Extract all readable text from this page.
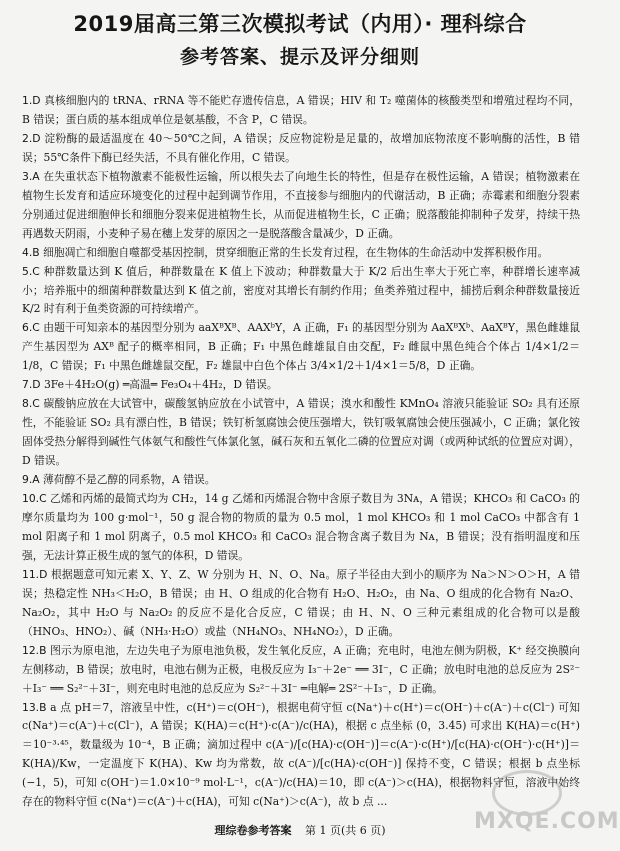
2019届高三第三次模拟考试（内用）· 理科综合
参考答案、提示及评分细则

1.D 真核细胞内的 tRNA、rRNA 等不能贮存遗传信息，A 错误；HIV 和 T₂ 噬菌体的核酸类型和增殖过程均不同，B 错误；蛋白质的基本组成单位是氨基酸，不含 P，C 错误。

2.D 淀粉酶的最适温度在 40～50℃之间，A 错误；反应物淀粉是足量的，故增加底物浓度不影响酶的活性，B 错误；55℃条件下酶已经失活，不具有催化作用，C 错误。

3.A 在失重状态下植物激素不能极性运输，所以根失去了向地生长的特性，但是存在极性运输，A 错误；植物激素在植物生长发育和适应环境变化的过程中起到调节作用，不直接参与细胞内的代谢活动，B 正确；赤霉素和细胞分裂素分别通过促进细胞伸长和细胞分裂来促进植物生长，从而促进植物生长，C 正确；脱落酸能抑制种子发芽，持续干热再遇数天阴雨，小麦种子易在穗上发芽的原因之一是脱落酸含量减少，D 正确。

4.B 细胞凋亡和细胞自噬都受基因控制，贯穿细胞正常的生长发育过程，在生物体的生命活动中发挥积极作用。

5.C 种群数量达到 K 值后，种群数量在 K 值上下波动；种群数量大于 K/2 后出生率大于死亡率，种群增长速率减小；培养瓶中的细菌种群数量达到 K 值之前，密度对其增长有制约作用；鱼类养殖过程中，捕捞后剩余种群数量接近 K/2 时有利于鱼类资源的可持续增产。

6.C 由题干可知亲本的基因型分别为 aaXᴮXᴮ、AAXᵇY，A 正确，F₁ 的基因型分别为 AaXᴮXᵇ、AaXᴮY，黑色雌雄鼠产生基因型为 AXᴮ 配子的概率相同，B 正确；F₁ 中黑色雌雄鼠自由交配，F₂ 雌鼠中黑色纯合个体占 1/4×1/2＝1/8，C 错误；F₁ 中黑色雌雄鼠交配，F₂ 雄鼠中白色个体占 3/4×1/2＋1/4×1＝5/8，D 正确。

7.D 3Fe＋4H₂O(g) ═高温═ Fe₃O₄＋4H₂，D 错误。

8.C 碳酸钠应放在大试管中，碳酸氢钠应放在小试管中，A 错误；溴水和酸性 KMnO₄ 溶液只能验证 SO₂ 具有还原性，不能验证 SO₂ 具有漂白性，B 错误；铁钉析氢腐蚀会使压强增大，铁钉吸氧腐蚀会使压强减小，C 正确；氯化铵固体受热分解得到碱性气体氨气和酸性气体氯化氢，碱石灰和五氧化二磷的位置应对调（或两种试纸的位置应对调），D 错误。

9.A 薄荷醇不是乙醇的同系物，A 错误。

10.C 乙烯和丙烯的最简式均为 CH₂，14 g 乙烯和丙烯混合物中含原子数目为 3Nᴀ，A 错误；KHCO₃ 和 CaCO₃ 的摩尔质量均为 100 g·mol⁻¹，50 g 混合物的物质的量为 0.5 mol，1 mol KHCO₃ 和 1 mol CaCO₃ 中都含有 1 mol 阳离子和 1 mol 阴离子，0.5 mol KHCO₃ 和 CaCO₃ 混合物含离子数目为 Nᴀ，B 错误；没有指明温度和压强，无法计算正极生成的氢气的体积，D 错误。

11.D 根据题意可知元素 X、Y、Z、W 分别为 H、N、O、Na。原子半径由大到小的顺序为 Na＞N＞O＞H，A 错误；热稳定性 NH₃＜H₂O，B 错误；由 H、O 组成的化合物有 H₂O、H₂O₂，由 Na、O 组成的化合物有 Na₂O、Na₂O₂，其中 H₂O 与 Na₂O₂ 的反应不是化合反应，C 错误；由 H、N、O 三种元素组成的化合物可以是酸（HNO₃、HNO₂）、碱（NH₃·H₂O）或盐（NH₄NO₃、NH₄NO₂），D 正确。

12.B 图示为原电池，左边失电子为原电池负极，发生氧化反应，A 正确；充电时，电池左侧为阴极，K⁺ 经交换膜向左侧移动，B 错误；放电时，电池右侧为正极，电极反应为 I₃⁻＋2e⁻ ══ 3I⁻，C 正确；放电时电池的总反应为 2S²⁻＋I₃⁻ ══ S₂²⁻＋3I⁻，则充电时电池的总反应为 S₂²⁻＋3I⁻ ═电解═ 2S²⁻＋I₃⁻，D 正确。

13.B a 点 pH＝7，溶液呈中性，c(H⁺)＝c(OH⁻)，根据电荷守恒 c(Na⁺)＋c(H⁺)＝c(OH⁻)＋c(A⁻)＋c(Cl⁻) 可知 c(Na⁺)＝c(A⁻)＋c(Cl⁻)，A 错误；K(HA)＝c(H⁺)·c(A⁻)/c(HA)，根据 c 点坐标 (0，3.45) 可求出 K(HA)＝c(H⁺)＝10⁻³·⁴⁵，数量级为 10⁻⁴，B 正确；滴加过程中 c(A⁻)/[c(HA)·c(OH⁻)]＝c(A⁻)·c(H⁺)/[c(HA)·c(OH⁻)·c(H⁺)]＝K(HA)/Kᴡ，一定温度下 K(HA)、Kᴡ 均为常数，故 c(A⁻)/[c(HA)·c(OH⁻)] 保持不变，C 错误；根据 b 点坐标 (−1，5)，可知 c(OH⁻)＝1.0×10⁻⁹ mol·L⁻¹，c(A⁻)/c(HA)＝10，即 c(A⁻)＞c(HA)，根据物料守恒，溶液中始终存在的物料守恒 c(Na⁺)＝c(A⁻)＋c(HA)，可知 c(Na⁺)＞c(A⁻)，故 b 点 ...

理综卷参考答案 第 1 页(共 6 页)	MXQE.COM
